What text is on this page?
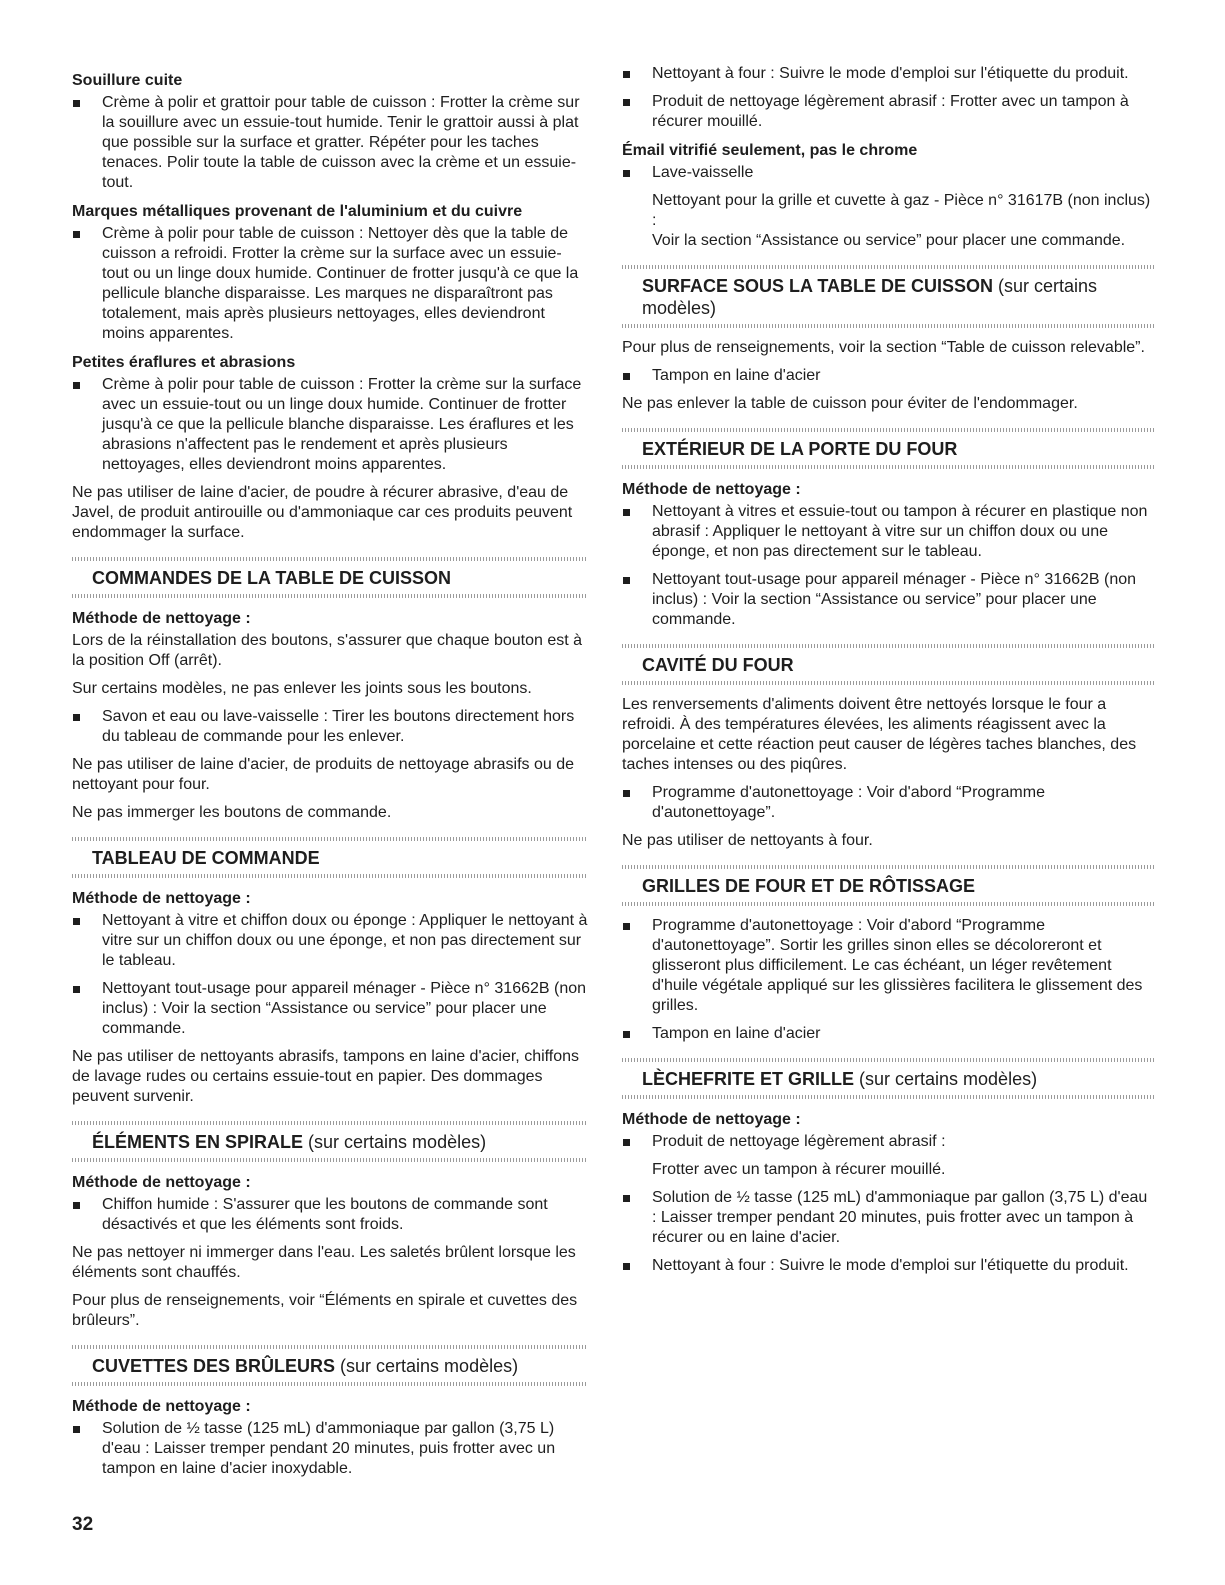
Souillure cuite
Crème à polir et grattoir pour table de cuisson : Frotter la crème sur la souillure avec un essuie-tout humide. Tenir le grattoir aussi à plat que possible sur la surface et gratter. Répéter pour les taches tenaces. Polir toute la table de cuisson avec la crème et un essuie-tout.
Marques métalliques provenant de l'aluminium et du cuivre
Crème à polir pour table de cuisson : Nettoyer dès que la table de cuisson a refroidi. Frotter la crème sur la surface avec un essuie-tout ou un linge doux humide. Continuer de frotter jusqu'à ce que la pellicule blanche disparaisse. Les marques ne disparaîtront pas totalement, mais après plusieurs nettoyages, elles deviendront moins apparentes.
Petites éraflures et abrasions
Crème à polir pour table de cuisson : Frotter la crème sur la surface avec un essuie-tout ou un linge doux humide. Continuer de frotter jusqu'à ce que la pellicule blanche disparaisse. Les éraflures et les abrasions n'affectent pas le rendement et après plusieurs nettoyages, elles deviendront moins apparentes.
Ne pas utiliser de laine d'acier, de poudre à récurer abrasive, d'eau de Javel, de produit antirouille ou d'ammoniaque car ces produits peuvent endommager la surface.
COMMANDES DE LA TABLE DE CUISSON
Méthode de nettoyage :
Lors de la réinstallation des boutons, s'assurer que chaque bouton est à la position Off (arrêt).
Sur certains modèles, ne pas enlever les joints sous les boutons.
Savon et eau ou lave-vaisselle : Tirer les boutons directement hors du tableau de commande pour les enlever.
Ne pas utiliser de laine d'acier, de produits de nettoyage abrasifs ou de nettoyant pour four.
Ne pas immerger les boutons de commande.
TABLEAU DE COMMANDE
Méthode de nettoyage :
Nettoyant à vitre et chiffon doux ou éponge : Appliquer le nettoyant à vitre sur un chiffon doux ou une éponge, et non pas directement sur le tableau.
Nettoyant tout-usage pour appareil ménager - Pièce n° 31662B (non inclus) : Voir la section “Assistance ou service” pour placer une commande.
Ne pas utiliser de nettoyants abrasifs, tampons en laine d'acier, chiffons de lavage rudes ou certains essuie-tout en papier. Des dommages peuvent survenir.
ÉLÉMENTS EN SPIRALE (sur certains modèles)
Méthode de nettoyage :
Chiffon humide : S'assurer que les boutons de commande sont désactivés et que les éléments sont froids.
Ne pas nettoyer ni immerger dans l'eau. Les saletés brûlent lorsque les éléments sont chauffés.
Pour plus de renseignements, voir “Éléments en spirale et cuvettes des brûleurs”.
CUVETTES DES BRÛLEURS (sur certains modèles)
Méthode de nettoyage :
Solution de ½ tasse (125 mL) d'ammoniaque par gallon (3,75 L) d'eau : Laisser tremper pendant 20 minutes, puis frotter avec un tampon en laine d'acier inoxydable.
Nettoyant à four : Suivre le mode d'emploi sur l'étiquette du produit.
Produit de nettoyage légèrement abrasif : Frotter avec un tampon à récurer mouillé.
Émail vitrifié seulement, pas le chrome
Lave-vaisselle
Nettoyant pour la grille et cuvette à gaz - Pièce n° 31617B (non inclus) :
Voir la section “Assistance ou service” pour placer une commande.
SURFACE SOUS LA TABLE DE CUISSON (sur certains modèles)
Pour plus de renseignements, voir la section “Table de cuisson relevable”.
Tampon en laine d'acier
Ne pas enlever la table de cuisson pour éviter de l'endommager.
EXTÉRIEUR DE LA PORTE DU FOUR
Méthode de nettoyage :
Nettoyant à vitres et essuie-tout ou tampon à récurer en plastique non abrasif : Appliquer le nettoyant à vitre sur un chiffon doux ou une éponge, et non pas directement sur le tableau.
Nettoyant tout-usage pour appareil ménager - Pièce n° 31662B (non inclus) : Voir la section “Assistance ou service” pour placer une commande.
CAVITÉ DU FOUR
Les renversements d'aliments doivent être nettoyés lorsque le four a refroidi. À des températures élevées, les aliments réagissent avec la porcelaine et cette réaction peut causer de légères taches blanches, des taches intenses ou des piqûres.
Programme d'autonettoyage : Voir d'abord “Programme d'autonettoyage”.
Ne pas utiliser de nettoyants à four.
GRILLES DE FOUR ET DE RÔTISSAGE
Programme d'autonettoyage : Voir d'abord “Programme d'autonettoyage”. Sortir les grilles sinon elles se décoloreront et glisseront plus difficilement. Le cas échéant, un léger revêtement d'huile végétale appliqué sur les glissières facilitera le glissement des grilles.
Tampon en laine d'acier
LÈCHEFRITE ET GRILLE (sur certains modèles)
Méthode de nettoyage :
Produit de nettoyage légèrement abrasif :
Frotter avec un tampon à récurer mouillé.
Solution de ½ tasse (125 mL) d'ammoniaque par gallon (3,75 L) d'eau : Laisser tremper pendant 20 minutes, puis frotter avec un tampon à récurer ou en laine d'acier.
Nettoyant à four : Suivre le mode d'emploi sur l'étiquette du produit.
32
